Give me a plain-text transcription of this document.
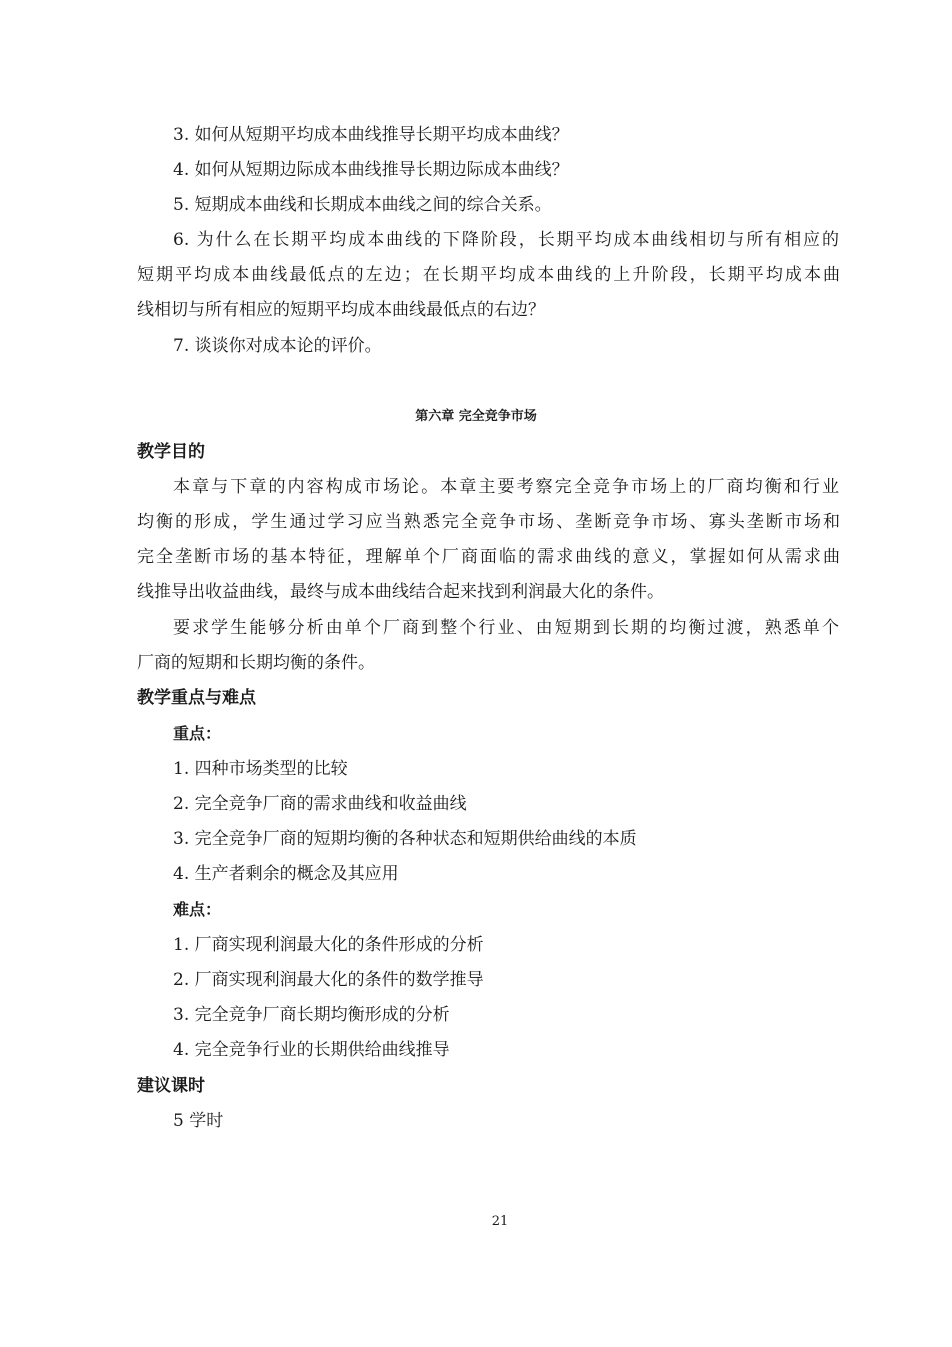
3. 如何从短期平均成本曲线推导长期平均成本曲线？
4. 如何从短期边际成本曲线推导长期边际成本曲线？
5. 短期成本曲线和长期成本曲线之间的综合关系。
6. 为什么在长期平均成本曲线的下降阶段，长期平均成本曲线相切与所有相应的
短期平均成本曲线最低点的左边；在长期平均成本曲线的上升阶段，长期平均成本曲
线相切与所有相应的短期平均成本曲线最低点的右边？
7. 谈谈你对成本论的评价。
第六章 完全竞争市场
教学目的
本章与下章的内容构成市场论。本章主要考察完全竞争市场上的厂商均衡和行业
均衡的形成，学生通过学习应当熟悉完全竞争市场、垄断竞争市场、寡头垄断市场和
完全垄断市场的基本特征，理解单个厂商面临的需求曲线的意义，掌握如何从需求曲
线推导出收益曲线，最终与成本曲线结合起来找到利润最大化的条件。
要求学生能够分析由单个厂商到整个行业、由短期到长期的均衡过渡，熟悉单个
厂商的短期和长期均衡的条件。
教学重点与难点
重点：
1. 四种市场类型的比较
2. 完全竞争厂商的需求曲线和收益曲线
3. 完全竞争厂商的短期均衡的各种状态和短期供给曲线的本质
4. 生产者剩余的概念及其应用
难点：
1. 厂商实现利润最大化的条件形成的分析
2. 厂商实现利润最大化的条件的数学推导
3. 完全竞争厂商长期均衡形成的分析
4. 完全竞争行业的长期供给曲线推导
建议课时
5 学时
21
